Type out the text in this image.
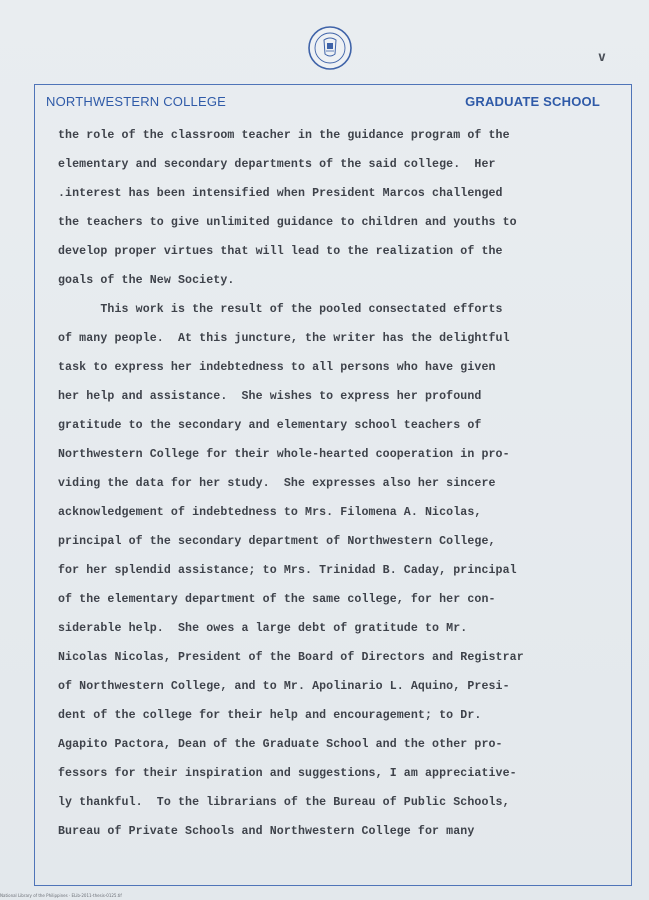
v
NORTHWESTERN COLLEGE	GRADUATE SCHOOL
the role of the classroom teacher in the guidance program of the
elementary and secondary departments of the said college.  Her
.interest has been intensified when President Marcos challenged
the teachers to give unlimited guidance to children and youths to
develop proper virtues that will lead to the realization of the
goals of the New Society.
This work is the result of the pooled consectated efforts
of many people.  At this juncture, the writer has the delightful
task to express her indebtedness to all persons who have given
her help and assistance.  She wishes to express her profound
gratitude to the secondary and elementary school teachers of
Northwestern College for their whole-hearted cooperation in pro-
viding the data for her study.  She expresses also her sincere
acknowledgement of indebtedness to Mrs. Filomena A. Nicolas,
principal of the secondary department of Northwestern College,
for her splendid assistance; to Mrs. Trinidad B. Caday, principal
of the elementary department of the same college, for her con-
siderable help.  She owes a large debt of gratitude to Mr.
Nicolas Nicolas, President of the Board of Directors and Registrar
of Northwestern College, and to Mr. Apolinario L. Aquino, Presi-
dent of the college for their help and encouragement; to Dr.
Agapito Pactora, Dean of the Graduate School and the other pro-
fessors for their inspiration and suggestions, I am appreciative-
ly thankful.  To the librarians of the Bureau of Public Schools,
Bureau of Private Schools and Northwestern College for many
National Library of the Philippines · ELib-2011-thesis-0125.tif
